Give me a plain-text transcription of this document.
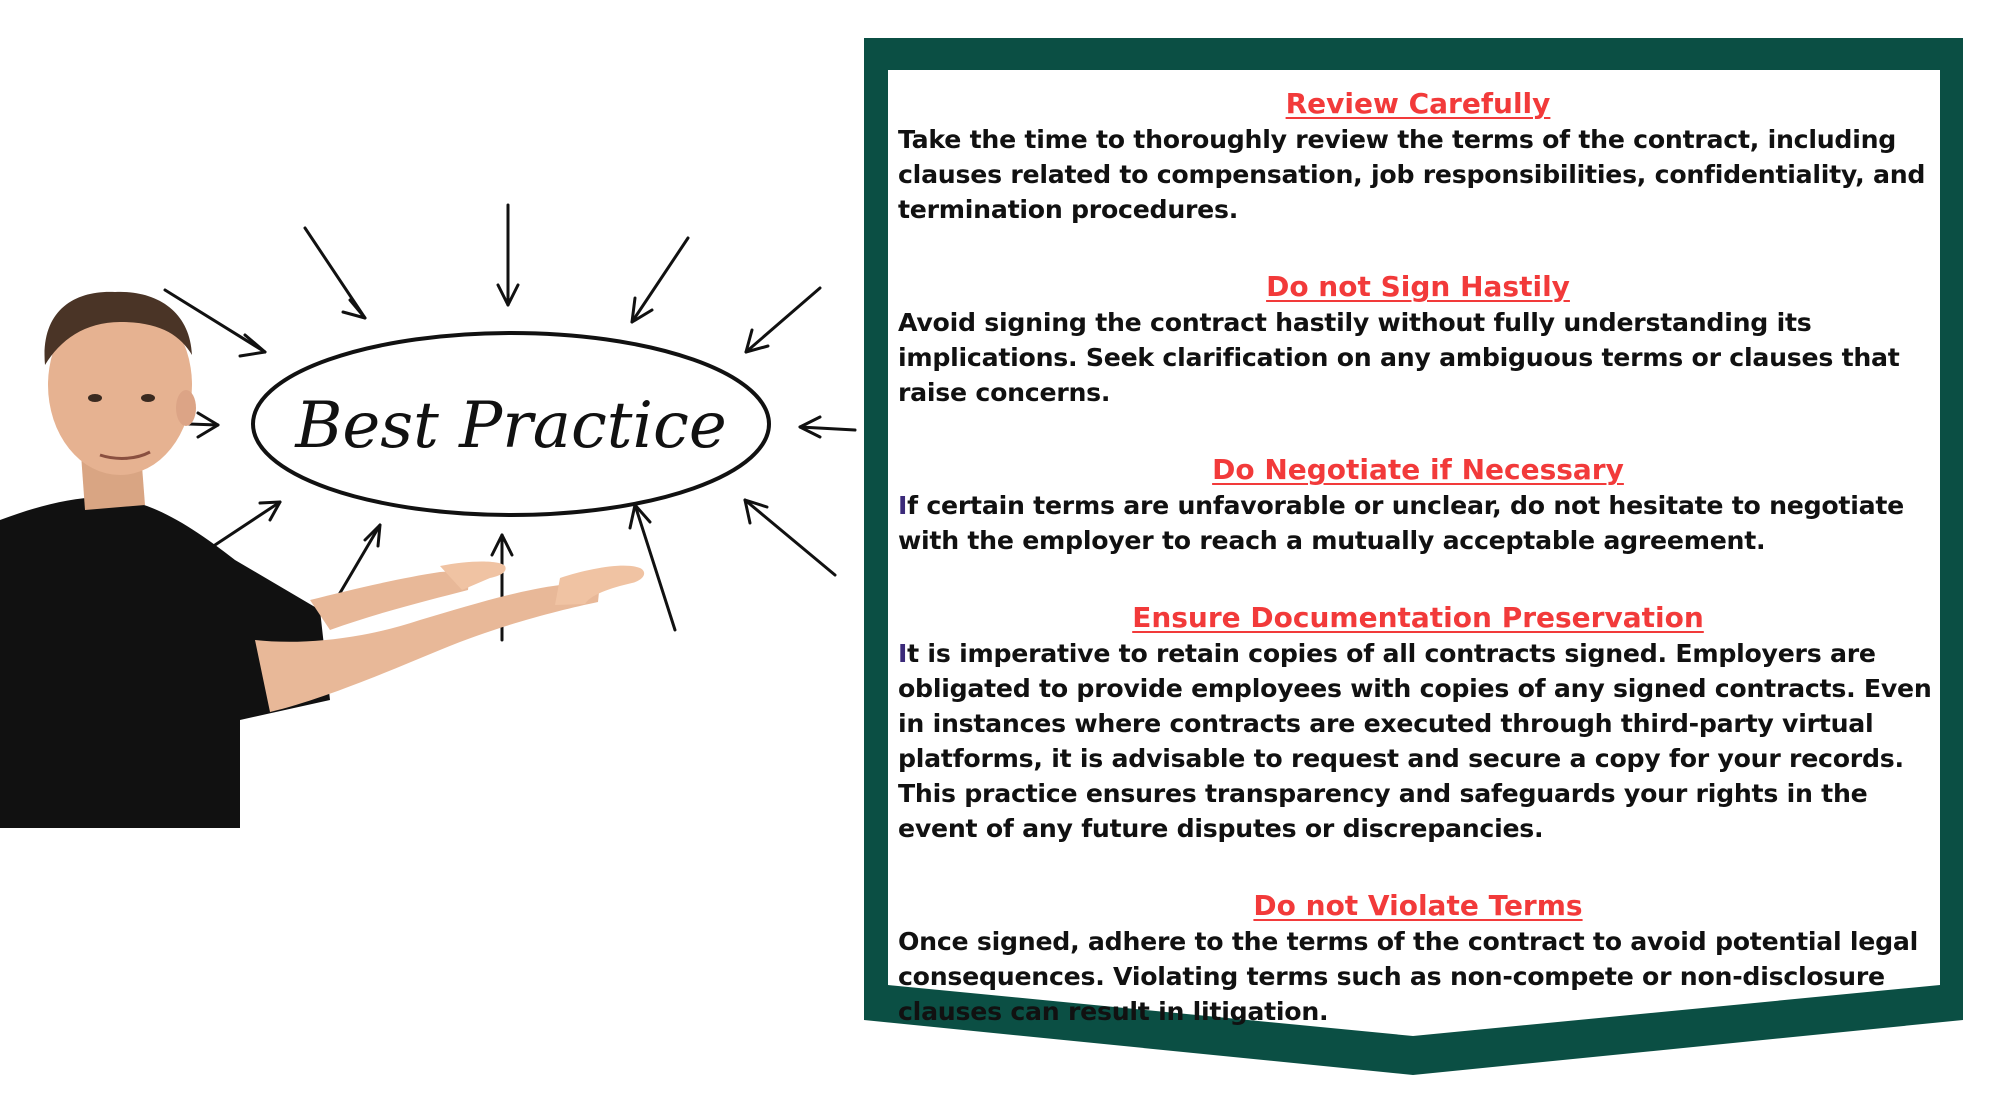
Best Practice
Review Carefully
Take the time to thoroughly review the terms of the contract, including clauses related to compensation, job responsibilities, confidentiality, and termination procedures.
Do not Sign Hastily
Avoid signing the contract hastily without fully understanding its implications. Seek clarification on any ambiguous terms or clauses that raise concerns.
Do Negotiate if Necessary
If certain terms are unfavorable or unclear, do not hesitate to negotiate with the employer to reach a mutually acceptable agreement.
Ensure Documentation Preservation
It is imperative to retain copies of all contracts signed. Employers are obligated to provide employees with copies of any signed contracts. Even in instances where contracts are executed through third-party virtual platforms, it is advisable to request and secure a copy for your records. This practice ensures transparency and safeguards your rights in the event of any future disputes or discrepancies.
Do not Violate Terms
Once signed, adhere to the terms of the contract to avoid potential legal consequences. Violating terms such as non-compete or non-disclosure clauses can result in litigation.
